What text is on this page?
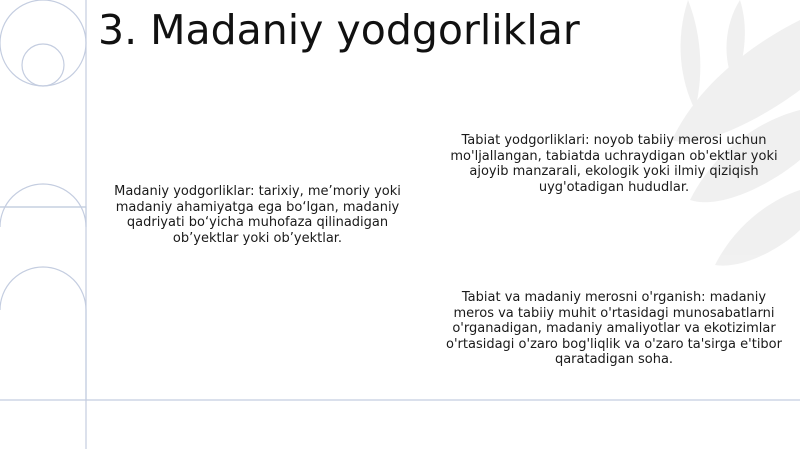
3. Madaniy yodgorliklar
Madaniy yodgorliklar: tarixiy, me’moriy yoki madaniy ahamiyatga ega bo‘lgan, madaniy qadriyati bo‘yicha muhofaza qilinadigan ob’yektlar yoki ob’yektlar.
Tabiat yodgorliklari: noyob tabiiy merosi uchun mo'ljallangan, tabiatda uchraydigan ob'ektlar yoki ajoyib manzarali, ekologik yoki ilmiy qiziqish uyg'otadigan hududlar.
Tabiat va madaniy merosni o'rganish: madaniy meros va tabiiy muhit o'rtasidagi munosabatlarni o'rganadigan, madaniy amaliyotlar va ekotizimlar o'rtasidagi o'zaro bog'liqlik va o'zaro ta'sirga e'tibor qaratadigan soha.
